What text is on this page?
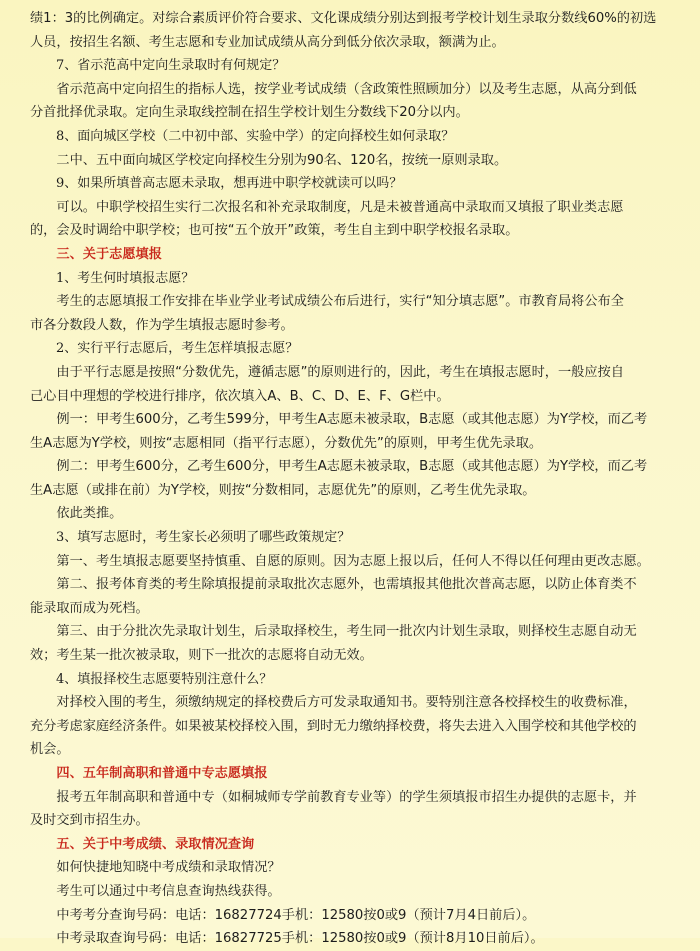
绩1：3的比例确定。对综合素质评价符合要求、文化课成绩分别达到报考学校计划生录取分数线60%的初选

人员，按招生名额、考生志愿和专业加试成绩从高分到低分依次录取，额满为止。

7、省示范高中定向生录取时有何规定？

省示范高中定向招生的指标人选，按学业考试成绩（含政策性照顾加分）以及考生志愿，从高分到低

分首批择优录取。定向生录取线控制在招生学校计划生分数线下20分以内。

8、面向城区学校（二中初中部、实验中学）的定向择校生如何录取？

二中、五中面向城区学校定向择校生分别为90名、120名，按统一原则录取。

9、如果所填普高志愿未录取，想再进中职学校就读可以吗？

可以。中职学校招生实行二次报名和补充录取制度，凡是未被普通高中录取而又填报了职业类志愿

的，会及时调给中职学校；也可按“五个放开”政策，考生自主到中职学校报名录取。

三、关于志愿填报

1、考生何时填报志愿？

考生的志愿填报工作安排在毕业学业考试成绩公布后进行，实行“知分填志愿”。市教育局将公布全

市各分数段人数，作为学生填报志愿时参考。

2、实行平行志愿后，考生怎样填报志愿？

由于平行志愿是按照“分数优先，遵循志愿”的原则进行的，因此，考生在填报志愿时，一般应按自

己心目中理想的学校进行排序，依次填入A、B、C、D、E、F、G栏中。

例一：甲考生600分，乙考生599分，甲考生A志愿未被录取，B志愿（或其他志愿）为Y学校，而乙考

生A志愿为Y学校，则按“志愿相同（指平行志愿），分数优先”的原则，甲考生优先录取。

例二：甲考生600分，乙考生600分，甲考生A志愿未被录取，B志愿（或其他志愿）为Y学校，而乙考

生A志愿（或排在前）为Y学校，则按“分数相同，志愿优先”的原则，乙考生优先录取。

依此类推。

3、填写志愿时，考生家长必须明了哪些政策规定？

第一、考生填报志愿要坚持慎重、自愿的原则。因为志愿上报以后，任何人不得以任何理由更改志愿。

第二、报考体育类的考生除填报提前录取批次志愿外，也需填报其他批次普高志愿，以防止体育类不

能录取而成为死档。

第三、由于分批次先录取计划生，后录取择校生，考生同一批次内计划生录取，则择校生志愿自动无

效；考生某一批次被录取，则下一批次的志愿将自动无效。

4、填报择校生志愿要特别注意什么？

对择校入围的考生，须缴纳规定的择校费后方可发录取通知书。要特别注意各校择校生的收费标准，

充分考虑家庭经济条件。如果被某校择校入围，到时无力缴纳择校费，将失去进入入围学校和其他学校的

机会。

四、五年制高职和普通中专志愿填报

报考五年制高职和普通中专（如桐城师专学前教育专业等）的学生须填报市招生办提供的志愿卡，并

及时交到市招生办。

五、关于中考成绩、录取情况查询

如何快捷地知晓中考成绩和录取情况？

考生可以通过中考信息查询热线获得。

中考考分查询号码：电话：16827724手机：12580按0或9（预计7月4日前后）。

中考录取查询号码：电话：16827725手机：12580按0或9（预计8月10日前后）。
